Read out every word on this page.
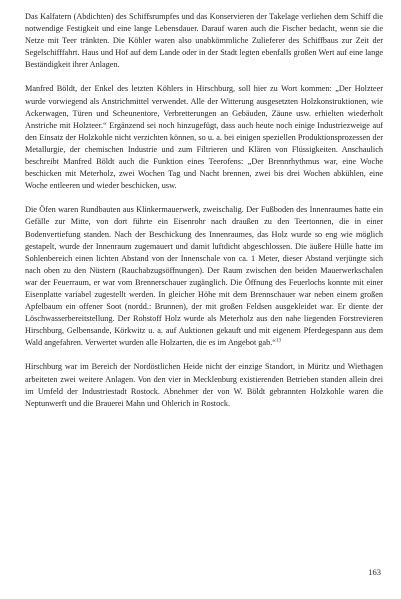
Das Kalfatern (Abdichten) des Schiffsrumpfes und das Konservieren der Takelage verliehen dem Schiff die notwendige Festigkeit und eine lange Lebensdauer. Darauf waren auch die Fischer bedacht, wenn sie die Netze mit Teer tränkten. Die Köhler waren also unabkömmliche Zulieferer des Schiffbaus zur Zeit der Segelschifffahrt. Haus und Hof auf dem Lande oder in der Stadt legten ebenfalls großen Wert auf eine lange Beständigkeit ihrer Anlagen.

Manfred Böldt, der Enkel des letzten Köhlers in Hirschburg, soll hier zu Wort kommen: „Der Holzteer wurde vorwiegend als Anstrichmittel verwendet. Alle der Witterung ausgesetzten Holzkonstruktionen, wie Ackerwagen, Türen und Scheunentore, Verbretterungen an Gebäuden, Zäune usw. erhielten wiederholt Anstriche mit Holzteer.“ Ergänzend sei noch hinzugefügt, dass auch heute noch einige Industriezweige auf den Einsatz der Holzkohle nicht verzichten können, so u. a. bei einigen speziellen Produktionsprozessen der Metallurgie, der chemischen Industrie und zum Filtrieren und Klären von Flüssigkeiten. Anschaulich beschreibt Manfred Böldt auch die Funktion eines Teerofens: „Der Brennrhythmus war, eine Woche beschicken mit Meterholz, zwei Wochen Tag und Nacht brennen, zwei bis drei Wochen abkühlen, eine Woche entleeren und wieder beschicken, usw.

Die Öfen waren Rundbauten aus Klinkermauerwerk, zweischalig. Der Fußboden des Innenraumes hatte ein Gefälle zur Mitte, von dort führte ein Eisenrohr nach draußen zu den Teertonnen, die in einer Bodenvertiefung standen. Nach der Beschickung des Innenraumes, das Holz wurde so eng wie möglich gestapelt, wurde der Innenraum zugemauert und damit luftdicht abgeschlossen. Die äußere Hülle hatte im Sohlenbereich einen lichten Abstand von der Innenschale von ca. 1 Meter, dieser Abstand verjüngte sich nach oben zu den Nüstern (Rauchabzugsöffnungen). Der Raum zwischen den beiden Mauerwerkschalen war der Feuerraum, er war vom Brennerschauer zugänglich. Die Öffnung des Feuerlochs konnte mit einer Eisenplatte variabel zugestellt werden. In gleicher Höhe mit dem Brennschauer war neben einem großen Apfelbaum ein offener Soot (nordd.: Brunnen), der mit großen Feldsen ausgekleidet war. Er diente der Löschwasserbereitstellung. Der Rohstoff Holz wurde als Meterholz aus den nahe liegenden Forstrevieren Hirschburg, Gelbensande, Körkwitz u. a. auf Auktionen gekauft und mit eigenem Pferdegespann aus dem Wald angefahren. Verwertet wurden alle Holzarten, die es im Angebot gab.“$^{13}$

Hirschburg war im Bereich der Nordöstlichen Heide nicht der einzige Standort, in Müritz und Wiethagen arbeiteten zwei weitere Anlagen. Von den vier in Mecklenburg existierenden Betrieben standen allein drei im Umfeld der Industriestadt Rostock. Abnehmer der von W. Böldt gebrannten Holzkohle waren die Neptunwerft und die Brauerei Mahn und Ohlerich in Rostock.

163
